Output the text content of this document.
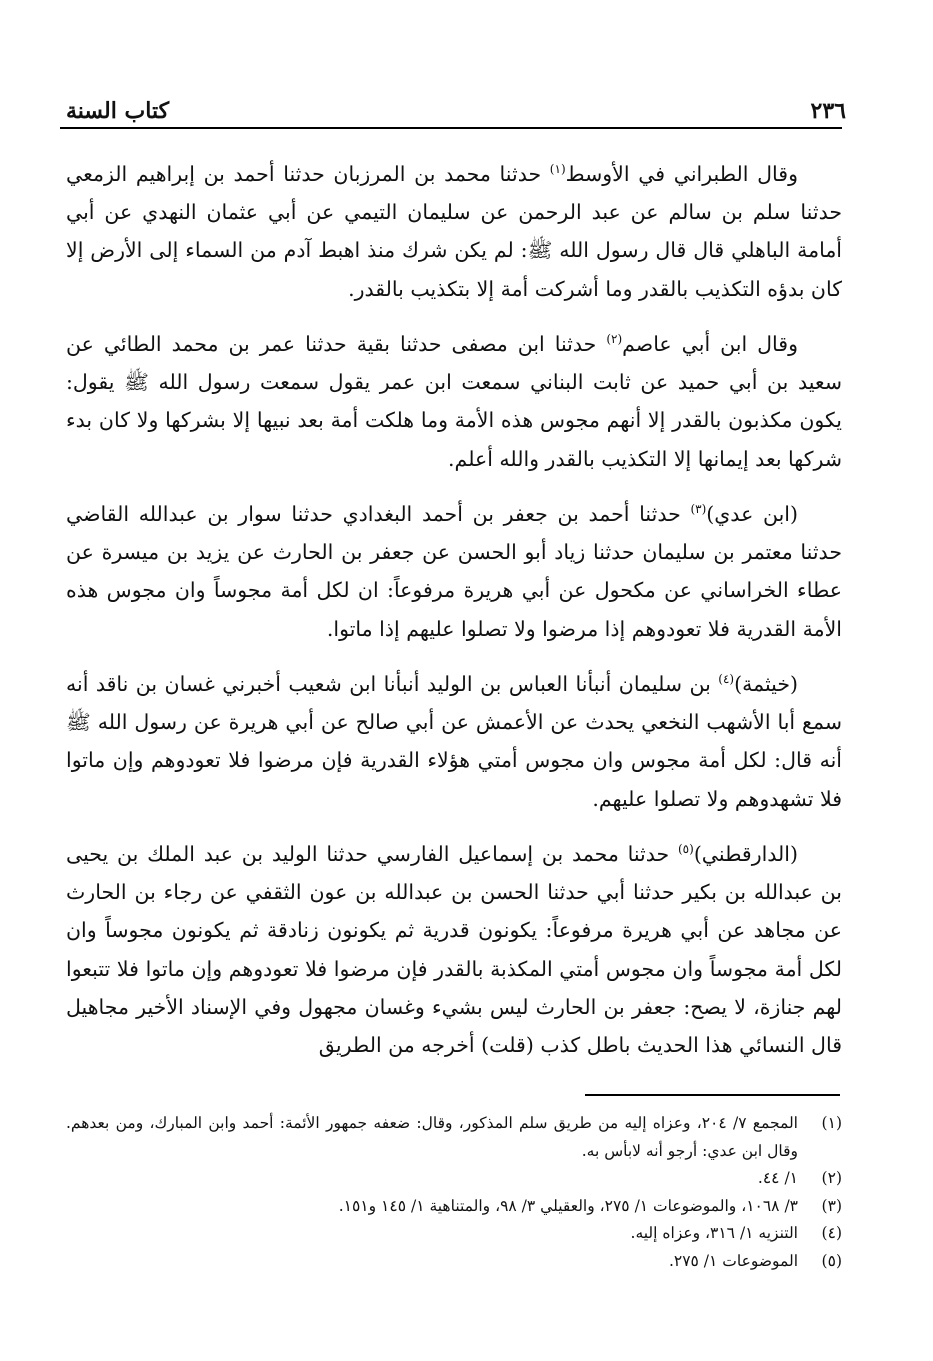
٢٣٦
كتاب السنة

وقال الطبراني في الأوسط$^{(١)}$ حدثنا محمد بن المرزبان حدثنا أحمد بن إبراهيم الزمعي حدثنا سلم بن سالم عن عبد الرحمن عن سليمان التيمي عن أبي عثمان النهدي عن أبي أمامة الباهلي قال قال رسول الله ﷺ: لم يكن شرك منذ اهبط آدم من السماء إلى الأرض إلا كان بدؤه التكذيب بالقدر وما أشركت أمة إلا بتكذيب بالقدر.

وقال ابن أبي عاصم$^{(٢)}$ حدثنا ابن مصفى حدثنا بقية حدثنا عمر بن محمد الطائي عن سعيد بن أبي حميد عن ثابت البناني سمعت ابن عمر يقول سمعت رسول الله ﷺ يقول: يكون مكذبون بالقدر إلا أنهم مجوس هذه الأمة وما هلكت أمة بعد نبيها إلا بشركها ولا كان بدء شركها بعد إيمانها إلا التكذيب بالقدر والله أعلم.

(ابن عدي)$^{(٣)}$ حدثنا أحمد بن جعفر بن أحمد البغدادي حدثنا سوار بن عبدالله القاضي حدثنا معتمر بن سليمان حدثنا زياد أبو الحسن عن جعفر بن الحارث عن يزيد بن ميسرة عن عطاء الخراساني عن مكحول عن أبي هريرة مرفوعاً: ان لكل أمة مجوساً وان مجوس هذه الأمة القدرية فلا تعودوهم إذا مرضوا ولا تصلوا عليهم إذا ماتوا.

(خيثمة)$^{(٤)}$ بن سليمان أنبأنا العباس بن الوليد أنبأنا ابن شعيب أخبرني غسان بن ناقد أنه سمع أبا الأشهب النخعي يحدث عن الأعمش عن أبي صالح عن أبي هريرة عن رسول الله ﷺ أنه قال: لكل أمة مجوس وان مجوس أمتي هؤلاء القدرية فإن مرضوا فلا تعودوهم وإن ماتوا فلا تشهدوهم ولا تصلوا عليهم.

(الدارقطني)$^{(٥)}$ حدثنا محمد بن إسماعيل الفارسي حدثنا الوليد بن عبد الملك بن يحيى بن عبدالله بن بكير حدثنا أبي حدثنا الحسن بن عبدالله بن عون الثقفي عن رجاء بن الحارث عن مجاهد عن أبي هريرة مرفوعاً: يكونون قدرية ثم يكونون زنادقة ثم يكونون مجوساً وان لكل أمة مجوساً وان مجوس أمتي المكذبة بالقدر فإن مرضوا فلا تعودوهم وإن ماتوا فلا تتبعوا لهم جنازة، لا يصح: جعفر بن الحارث ليس بشيء وغسان مجهول وفي الإسناد الأخير مجاهيل قال النسائي هذا الحديث باطل كذب (قلت) أخرجه من الطريق

(١)
المجمع ٧/ ٢٠٤، وعزاه إليه من طريق سلم المذكور، وقال: ضعفه جمهور الأئمة: أحمد وابن المبارك، ومن بعدهم. وقال ابن عدي: أرجو أنه لابأس به.
(٢)
١/ ٤٤.
(٣)
٣/ ١٠٦٨، والموضوعات ١/ ٢٧٥، والعقيلي ٣/ ٩٨، والمتناهية ١/ ١٤٥ و١٥١.
(٤)
التنزيه ١/ ٣١٦، وعزاه إليه.
(٥)
الموضوعات ١/ ٢٧٥.
